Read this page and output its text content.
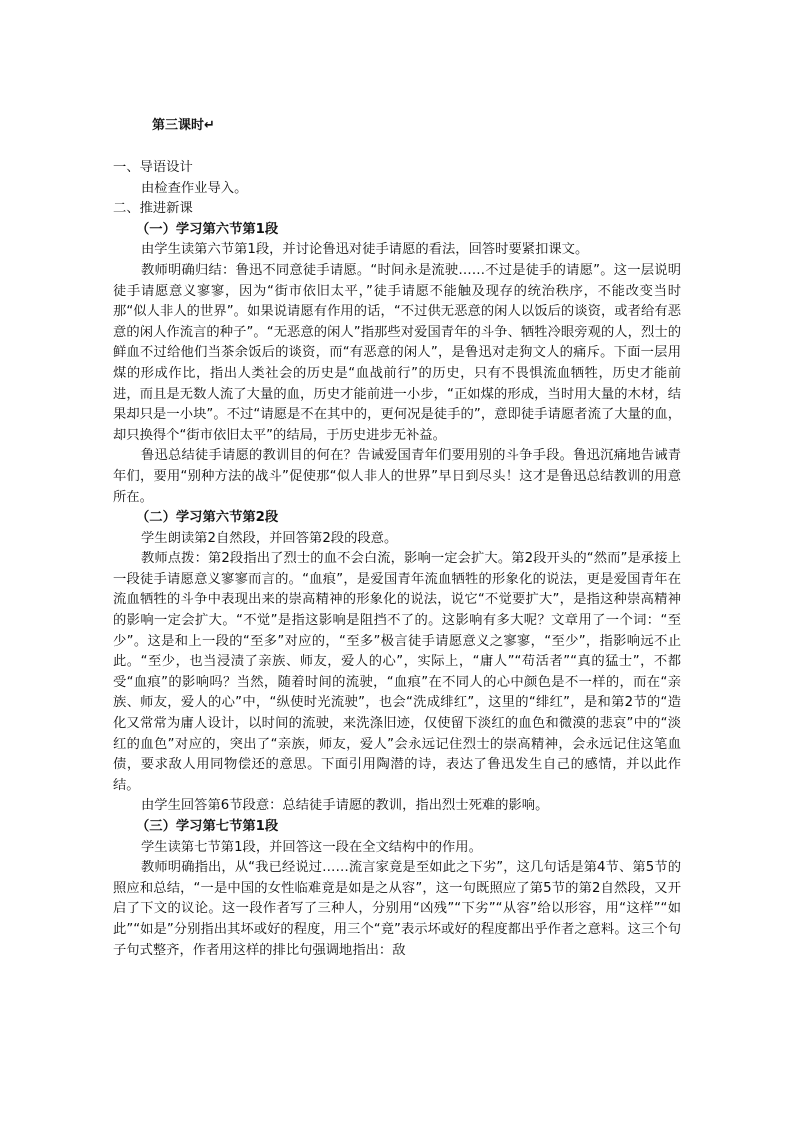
第三课时↵

一、导语设计

由检查作业导入。

二、推进新课

（一）学习第六节第1段

由学生读第六节第1段，并讨论鲁迅对徒手请愿的看法，回答时要紧扣课文。

教师明确归结：鲁迅不同意徒手请愿。“时间永是流驶……不过是徒手的请愿”。这一层说明徒手请愿意义寥寥，因为“街市依旧太平，”徒手请愿不能触及现存的统治秩序，不能改变当时那“似人非人的世界”。如果说请愿有作用的话，“不过供无恶意的闲人以饭后的谈资，或者给有恶意的闲人作流言的种子”。“无恶意的闲人”指那些对爱国青年的斗争、牺牲冷眼旁观的人，烈士的鲜血不过给他们当茶余饭后的谈资，而“有恶意的闲人”，是鲁迅对走狗文人的痛斥。下面一层用煤的形成作比，指出人类社会的历史是“血战前行”的历史，只有不畏惧流血牺牲，历史才能前进，而且是无数人流了大量的血，历史才能前进一小步，“正如煤的形成，当时用大量的木材，结果却只是一小块”。不过“请愿是不在其中的，更何况是徒手的”，意即徒手请愿者流了大量的血，却只换得个“街市依旧太平”的结局，于历史进步无补益。

鲁迅总结徒手请愿的教训目的何在？告诫爱国青年们要用别的斗争手段。鲁迅沉痛地告诫青年们，要用“别种方法的战斗”促使那“似人非人的世界”早日到尽头！这才是鲁迅总结教训的用意所在。

（二）学习第六节第2段

学生朗读第2自然段，并回答第2段的段意。

教师点拨：第2段指出了烈士的血不会白流，影响一定会扩大。第2段开头的“然而”是承接上一段徒手请愿意义寥寥而言的。“血痕”，是爱国青年流血牺牲的形象化的说法，更是爱国青年在流血牺牲的斗争中表现出来的崇高精神的形象化的说法，说它“不觉要扩大”，是指这种崇高精神的影响一定会扩大。“不觉”是指这影响是阻挡不了的。这影响有多大呢？文章用了一个词：“至少”。这是和上一段的“至多”对应的，“至多”极言徒手请愿意义之寥寥，“至少”，指影响远不止此。“至少，也当浸渍了亲族、师友，爱人的心”，实际上，“庸人”“苟活者”“真的猛士”，不都受“血痕”的影响吗？当然，随着时间的流驶，“血痕”在不同人的心中颜色是不一样的，而在“亲族、师友，爱人的心”中，“纵使时光流驶”，也会“洗成绯红”，这里的“绯红”，是和第2节的“造化又常常为庸人设计，以时间的流驶，来洗涤旧迹，仅使留下淡红的血色和微漠的悲哀”中的“淡红的血色”对应的，突出了“亲族，师友，爱人”会永远记住烈士的崇高精神，会永远记住这笔血债，要求敌人用同物偿还的意思。下面引用陶潜的诗，表达了鲁迅发生自己的感情，并以此作结。

由学生回答第6节段意：总结徒手请愿的教训，指出烈士死难的影响。

（三）学习第七节第1段

学生读第七节第1段，并回答这一段在全文结构中的作用。

教师明确指出，从“我已经说过……流言家竟是至如此之下劣”，这几句话是第4节、第5节的照应和总结，“一是中国的女性临难竟是如是之从容”，这一句既照应了第5节的第2自然段，又开启了下文的议论。这一段作者写了三种人，分别用“凶残”“下劣”“从容”给以形容，用“这样”“如此”“如是”分别指出其坏或好的程度，用三个“竟”表示坏或好的程度都出乎作者之意料。这三个句子句式整齐，作者用这样的排比句强调地指出：敌
